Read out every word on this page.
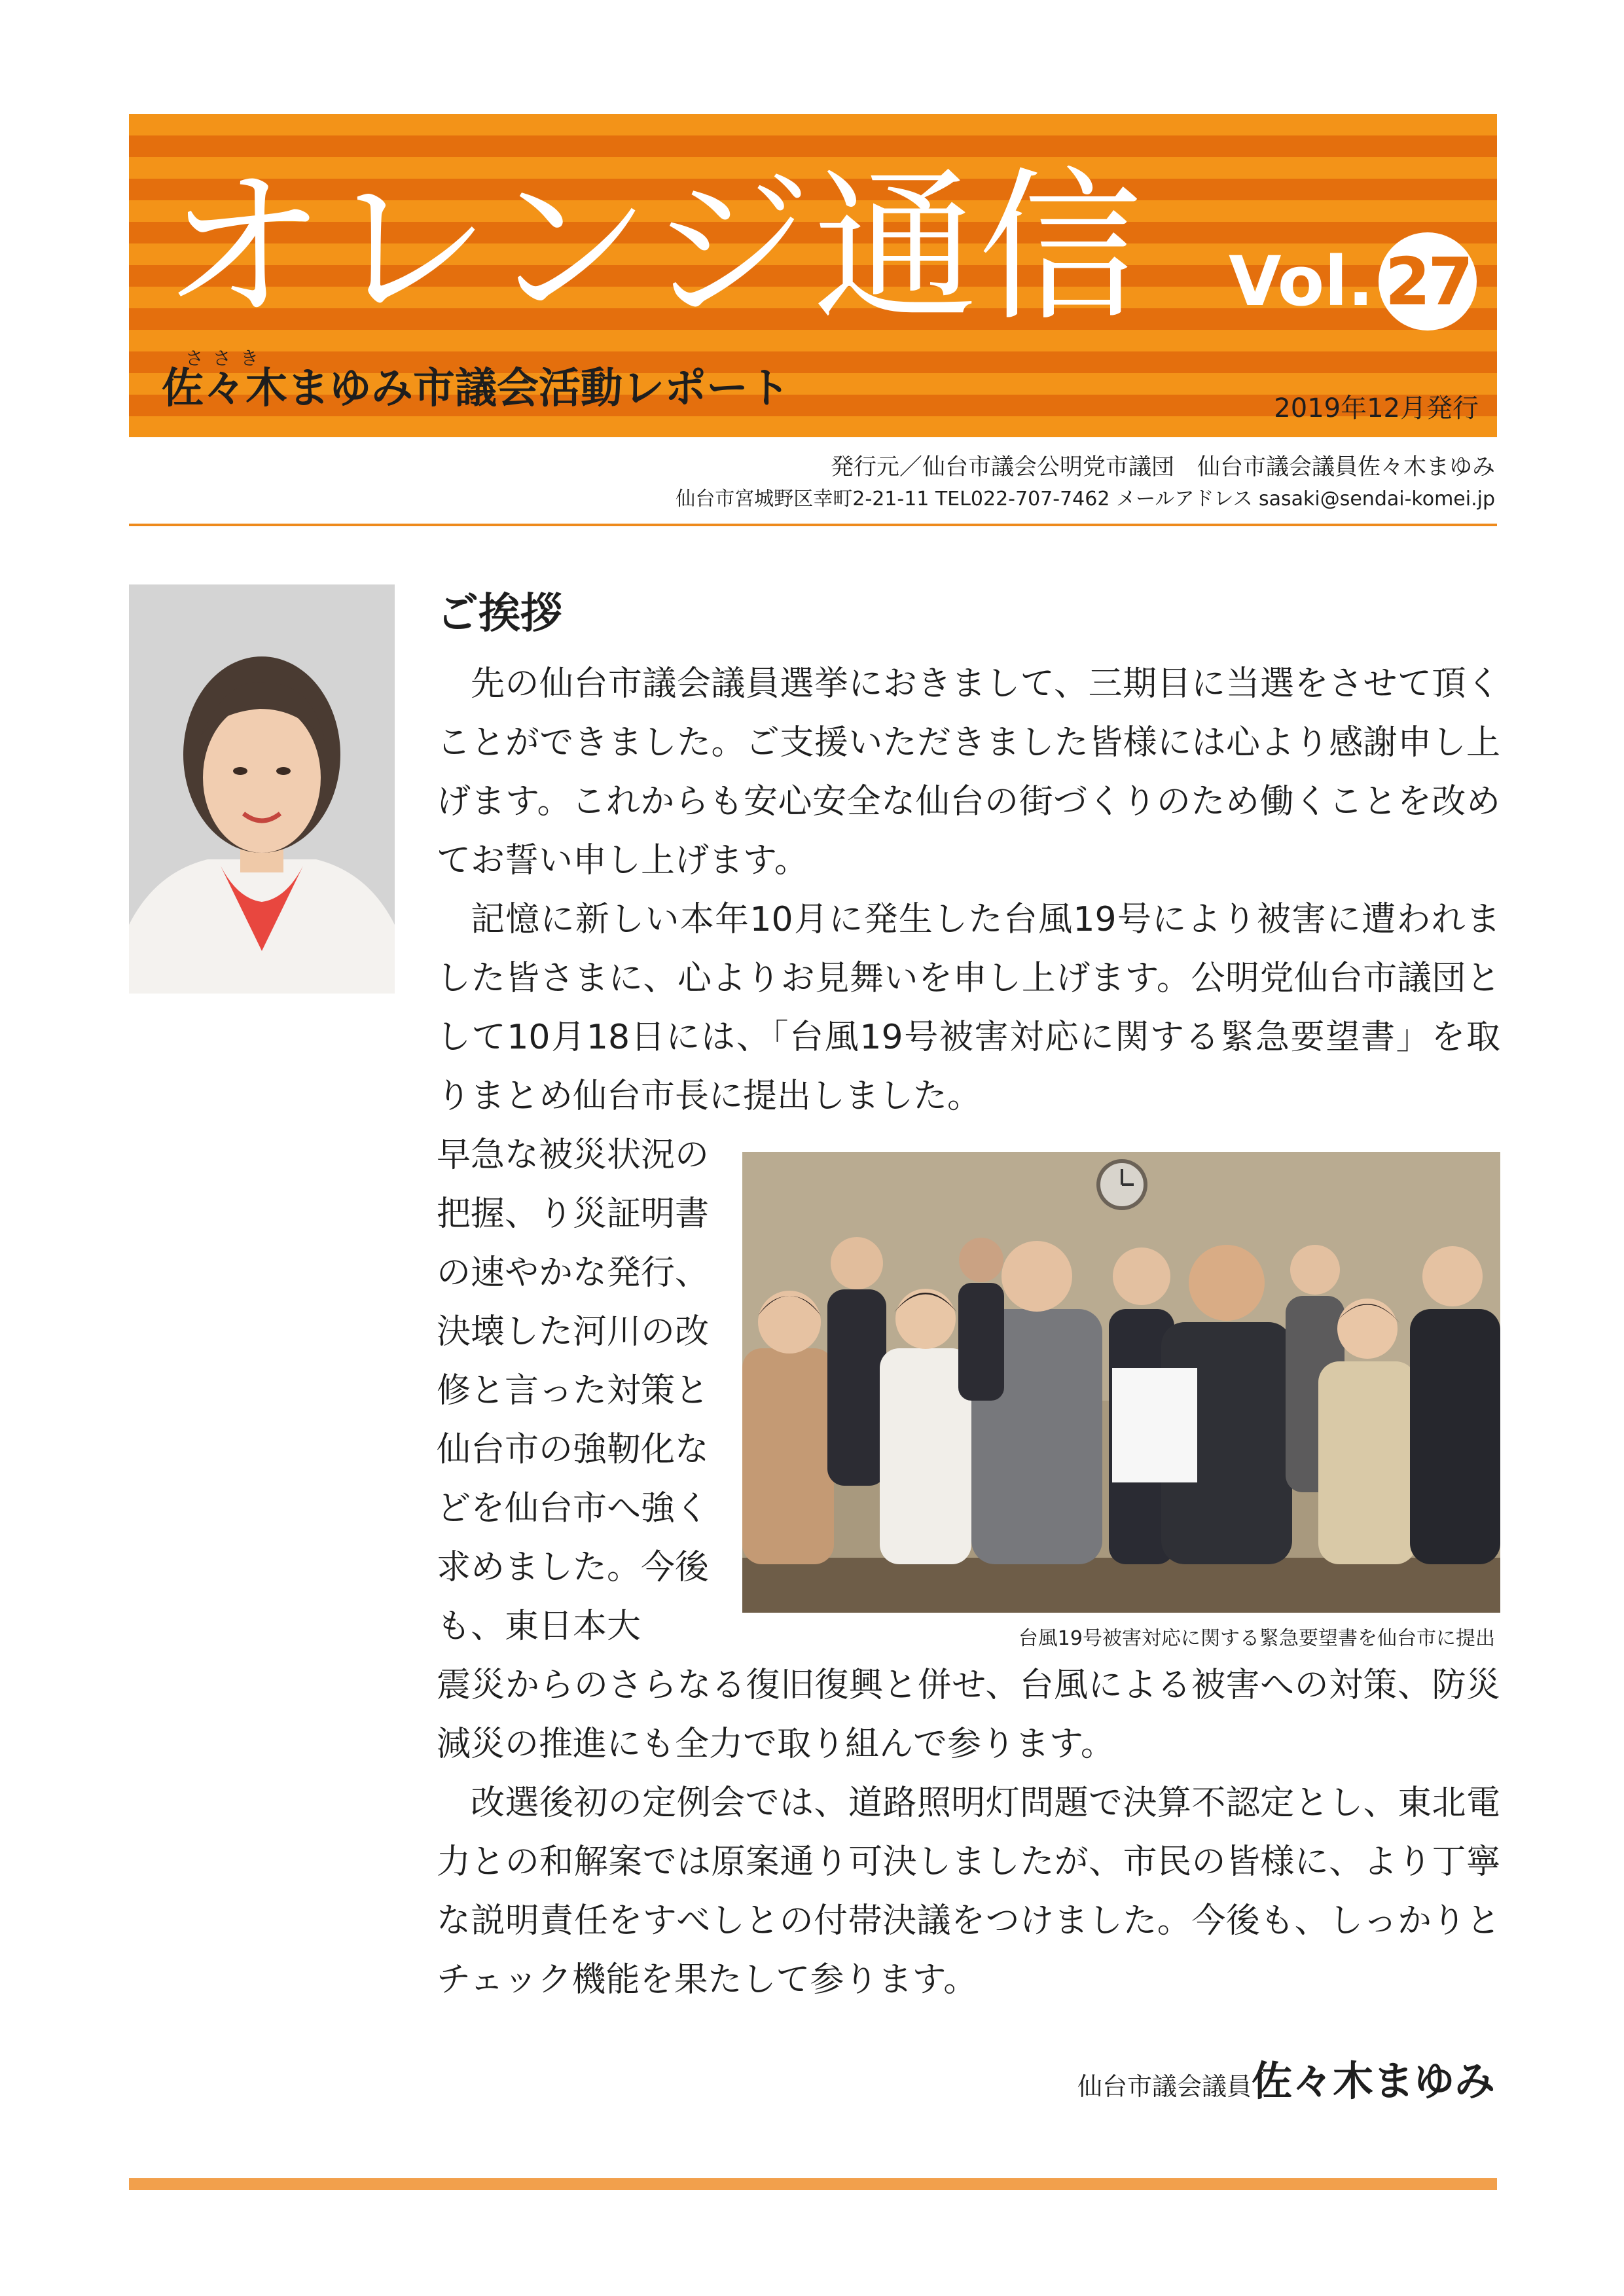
オレンジ通信 Vol. 27
ささき
佐々木まゆみ市議会活動レポート	2019年12月発行
発行元／仙台市議会公明党市議団　仙台市議会議員佐々木まゆみ
仙台市宮城野区幸町2-21-11 TEL022-707-7462 メールアドレス sasaki@sendai-komei.jp
ご挨拶

先の仙台市議会議員選挙におきまして、三期目に当選をさせて頂くことができました。ご支援いただきました皆様には心より感謝申し上げます。これからも安心安全な仙台の街づくりのため働くことを改めてお誓い申し上げます。

記憶に新しい本年10月に発生した台風19号により被害に遭われました皆さまに、心よりお見舞いを申し上げます。公明党仙台市議団として10月18日には、「台風19号被害対応に関する緊急要望書」を取りまとめ仙台市長に提出しました。

早急な被災状況の把握、り災証明書の速やかな発行、決壊した河川の改修と言った対策と仙台市の強靭化などを仙台市へ強く求めました。今後も、東日本大	台風19号被害対応に関する緊急要望書を仙台市に提出

震災からのさらなる復旧復興と併せ、台風による被害への対策、防災減災の推進にも全力で取り組んで参ります。

改選後初の定例会では、道路照明灯問題で決算不認定とし、東北電力との和解案では原案通り可決しましたが、市民の皆様に、より丁寧な説明責任をすべしとの付帯決議をつけました。今後も、しっかりとチェック機能を果たして参ります。

仙台市議会議員 佐々木まゆみ
